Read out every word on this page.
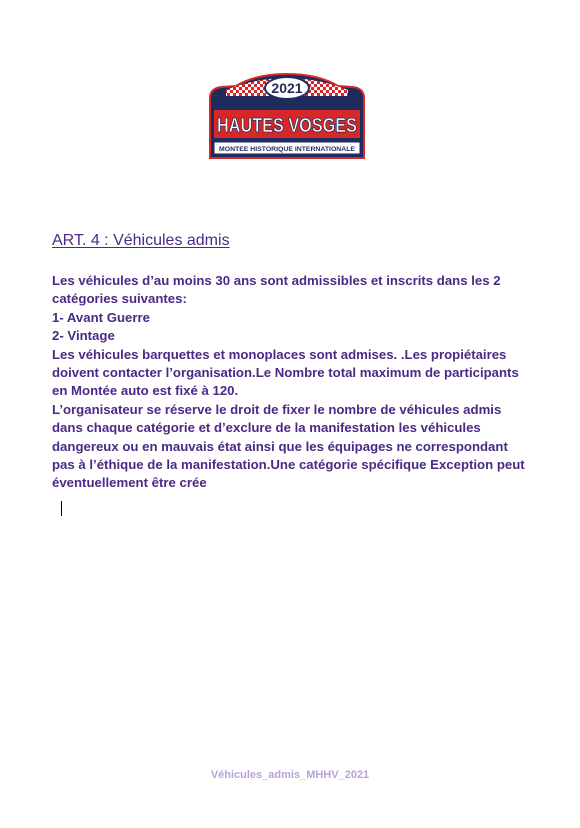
2021
HAUTES VOSGES
MONTEE HISTORIQUE INTERNATIONALE
ART. 4 : Véhicules admis

Les véhicules d’au moins 30 ans sont admissibles et inscrits dans les 2 catégories suivantes:

1- Avant Guerre

2- Vintage

Les véhicules barquettes et monoplaces sont admises. .Les propiétaires doivent contacter l’organisation.Le Nombre total maximum de participants en Montée auto est fixé à 120.

L’organisateur se réserve le droit de fixer le nombre de véhicules admis dans chaque catégorie et d’exclure de la manifestation les véhicules dangereux ou en mauvais état ainsi que les équipages ne correspondant pas à l’éthique de la manifestation.Une catégorie spécifique Exception peut éventuellement être crée

Véhicules_admis_MHHV_2021
